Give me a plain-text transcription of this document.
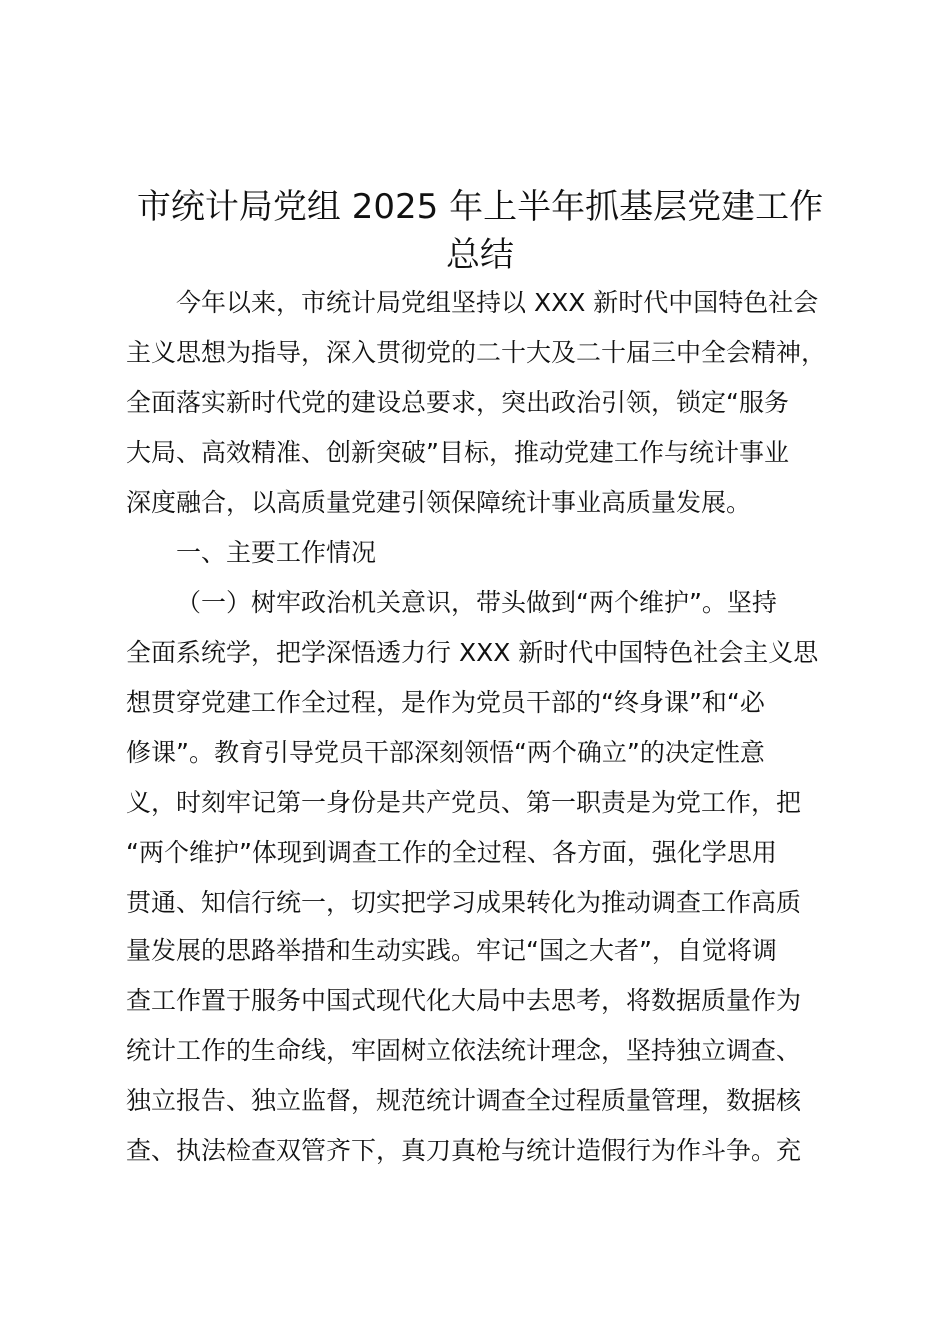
市统计局党组 2025 年上半年抓基层党建工作
总结
今年以来，市统计局党组坚持以 XXX 新时代中国特色社会
主义思想为指导，深入贯彻党的二十大及二十届三中全会精神，
全面落实新时代党的建设总要求，突出政治引领，锁定“服务
大局、高效精准、创新突破”目标，推动党建工作与统计事业
深度融合，以高质量党建引领保障统计事业高质量发展。
一、主要工作情况
（一）树牢政治机关意识，带头做到“两个维护”。坚持
全面系统学，把学深悟透力行 XXX 新时代中国特色社会主义思
想贯穿党建工作全过程，是作为党员干部的“终身课”和“必
修课”。教育引导党员干部深刻领悟“两个确立”的决定性意
义，时刻牢记第一身份是共产党员、第一职责是为党工作，把
“两个维护”体现到调查工作的全过程、各方面，强化学思用
贯通、知信行统一，切实把学习成果转化为推动调查工作高质
量发展的思路举措和生动实践。牢记“国之大者”，自觉将调
查工作置于服务中国式现代化大局中去思考，将数据质量作为
统计工作的生命线，牢固树立依法统计理念，坚持独立调查、
独立报告、独立监督，规范统计调查全过程质量管理，数据核
查、执法检查双管齐下，真刀真枪与统计造假行为作斗争。充
